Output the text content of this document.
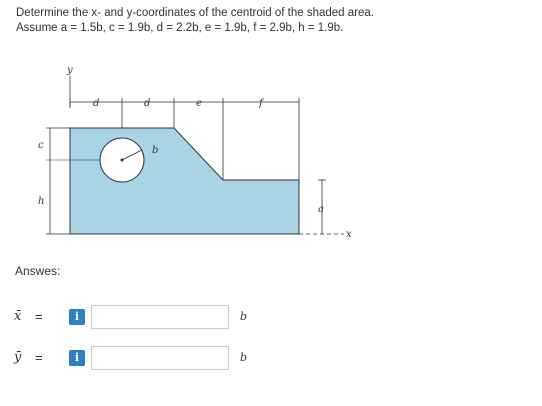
Determine the x- and y-coordinates of the centroid of the shaded area.
Assume a = 1.5b, c = 1.9b, d = 2.2b, e = 1.9b, f = 2.9b, h = 1.9b.
y
d	d	e	f
b
c
h
a
x
Answes:
x̄ =	i	b
ȳ =	i	b
